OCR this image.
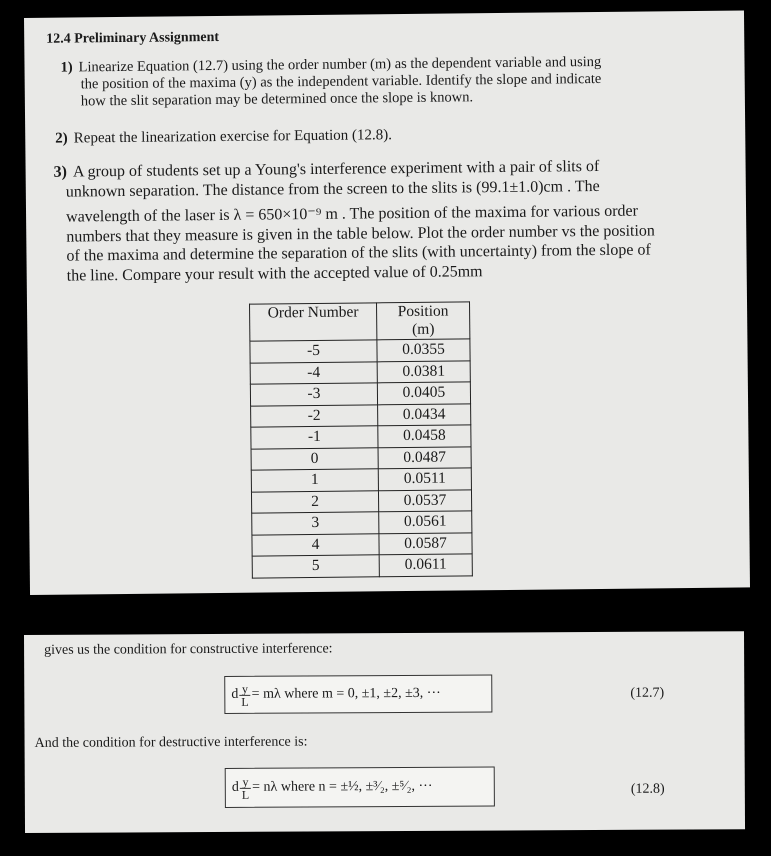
12.4 Preliminary Assignment
1) Linearize Equation (12.7) using the order number (m) as the dependent variable and using
the position of the maxima (y) as the independent variable. Identify the slope and indicate
how the slit separation may be determined once the slope is known.
2) Repeat the linearization exercise for Equation (12.8).
3) A group of students set up a Young's interference experiment with a pair of slits of
unknown separation. The distance from the screen to the slits is (99.1±1.0)cm . The
wavelength of the laser is λ = 650×10⁻⁹ m . The position of the maxima for various order
numbers that they measure is given in the table below. Plot the order number vs the position
of the maxima and determine the separation of the slits (with uncertainty) from the slope of
the line. Compare your result with the accepted value of 0.25mm
Order Number	Position
(m)
-5	0.0355
-4	0.0381
-3	0.0405
-2	0.0434
-1	0.0458
0	0.0487
1	0.0511
2	0.0537
3	0.0561
4	0.0587
5	0.0611
gives us the condition for constructive interference:
d $\frac{y}{L} = m\lambda$ where m = 0, ±1, ±2, ±3, ···	(12.7)
And the condition for destructive interference is:
d $\frac{y}{L} = n\lambda$ where n = ±½, ±³⁄₂, ±⁵⁄₂, ···	(12.8)
